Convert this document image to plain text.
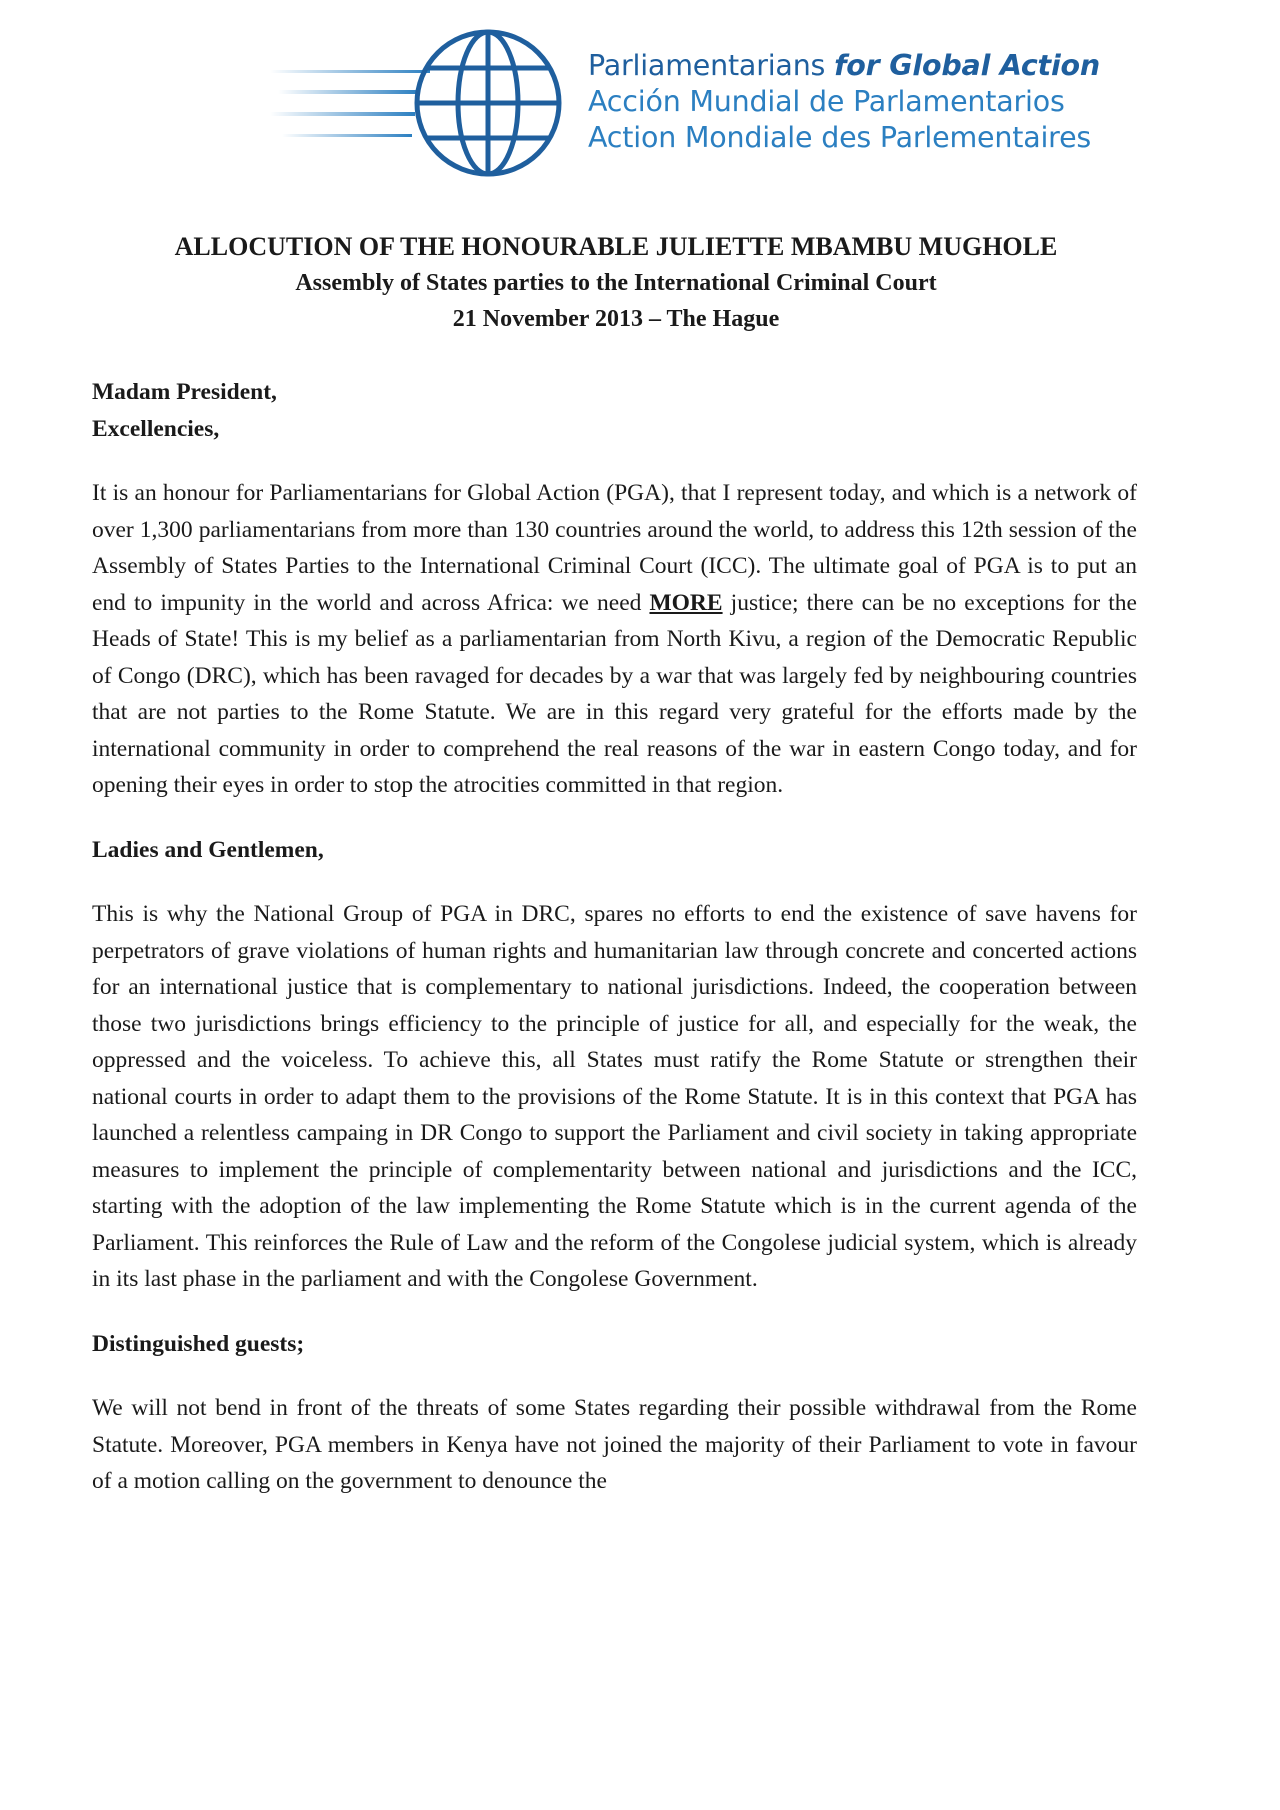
Parliamentarians for Global Action
Acción Mundial de Parlamentarios
Action Mondiale des Parlementaires
ALLOCUTION OF THE HONOURABLE JULIETTE MBAMBU MUGHOLE
Assembly of States parties to the International Criminal Court
21 November 2013 – The Hague

Madam President,

Excellencies,

It is an honour for Parliamentarians for Global Action (PGA), that I represent today, and which is a network of over 1,300 parliamentarians from more than 130 countries around the world, to address this 12th session of the Assembly of States Parties to the International Criminal Court (ICC). The ultimate goal of PGA is to put an end to impunity in the world and across Africa: we need MORE justice; there can be no exceptions for the Heads of State! This is my belief as a parliamentarian from North Kivu, a region of the Democratic Republic of Congo (DRC), which has been ravaged for decades by a war that was largely fed by neighbouring countries that are not parties to the Rome Statute. We are in this regard very grateful for the efforts made by the international community in order to comprehend the real reasons of the war in eastern Congo today, and for opening their eyes in order to stop the atrocities committed in that region.

Ladies and Gentlemen,

This is why the National Group of PGA in DRC, spares no efforts to end the existence of save havens for perpetrators of grave violations of human rights and humanitarian law through concrete and concerted actions for an international justice that is complementary to national jurisdictions. Indeed, the cooperation between those two jurisdictions brings efficiency to the principle of justice for all, and especially for the weak, the oppressed and the voiceless. To achieve this, all States must ratify the Rome Statute or strengthen their national courts in order to adapt them to the provisions of the Rome Statute. It is in this context that PGA has launched a relentless campaing in DR Congo to support the Parliament and civil society in taking appropriate measures to implement the principle of complementarity between national and jurisdictions and the ICC, starting with the adoption of the law implementing the Rome Statute which is in the current agenda of the Parliament. This reinforces the Rule of Law and the reform of the Congolese judicial system, which is already in its last phase in the parliament and with the Congolese Government.

Distinguished guests;

We will not bend in front of the threats of some States regarding their possible withdrawal from the Rome Statute. Moreover, PGA members in Kenya have not joined the majority of their Parliament to vote in favour of a motion calling on the government to denounce the
